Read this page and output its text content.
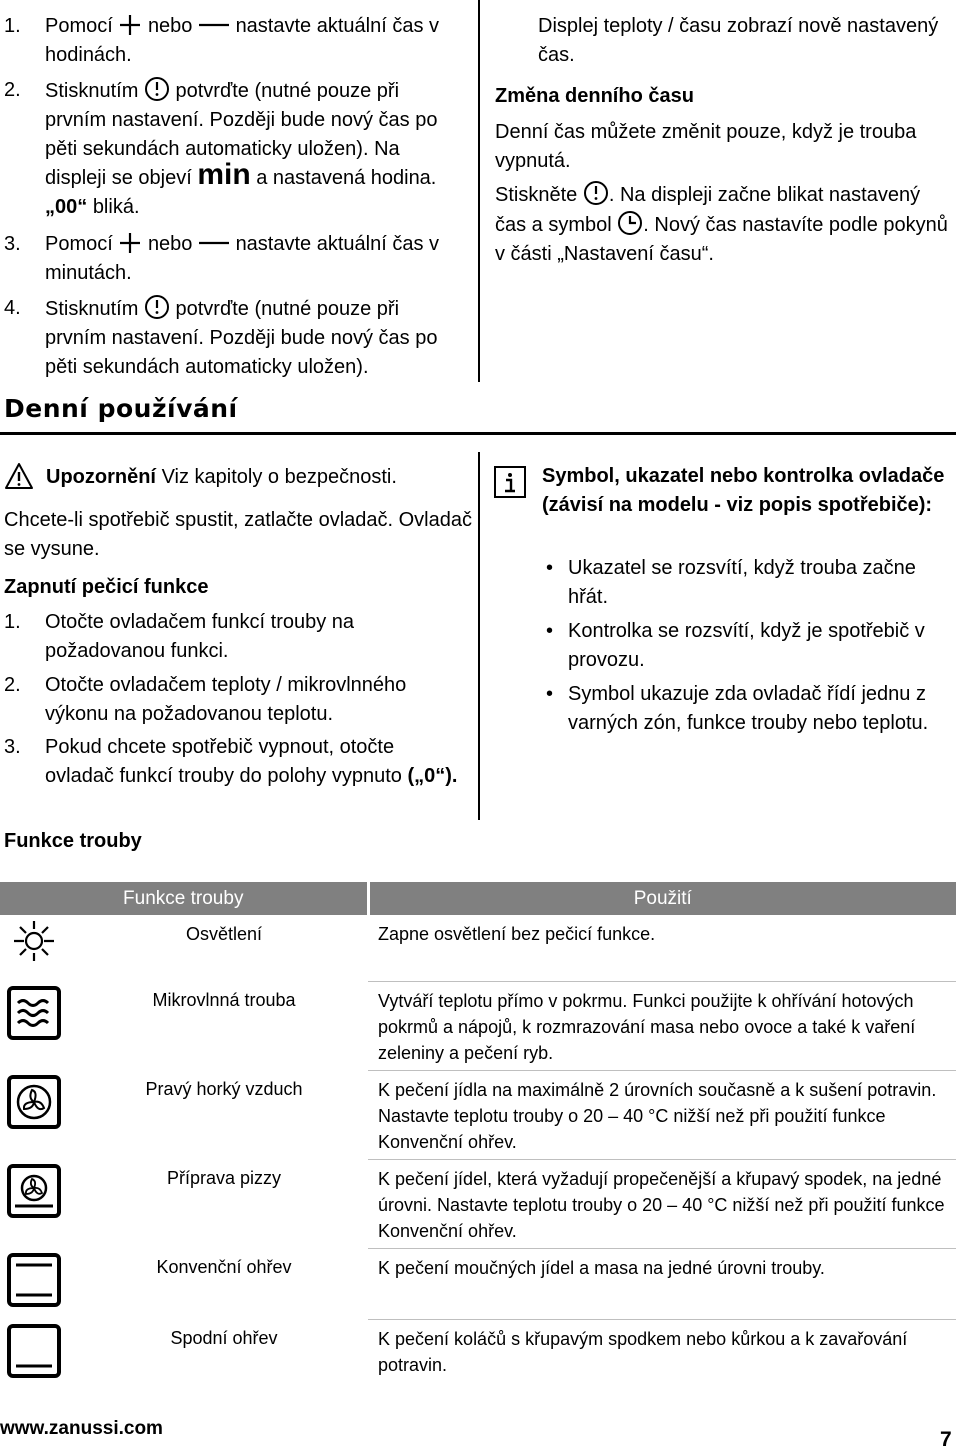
1. Pomocí nebo nastavte aktuální čas v hodinách.
2. Stisknutím potvrďte (nutné pouze při prvním nastavení. Později bude nový čas po pěti sekundách automaticky uložen). Na displeji se objeví min a nastavená hodina. „00“ bliká.
3. Pomocí nebo nastavte aktuální čas v minutách.
4. Stisknutím potvrďte (nutné pouze při prvním nastavení. Později bude nový čas po pěti sekundách automaticky uložen).
Displej teploty / času zobrazí nově nastavený čas.
Změna denního času
Denní čas můžete změnit pouze, když je trouba vypnutá.
Stiskněte . Na displeji začne blikat nastavený čas a symbol . Nový čas nastavíte podle pokynů v části „Nastavení času“.
Denní používání
Upozornění Viz kapitoly o bezpečnosti.
Chcete-li spotřebič spustit, zatlačte ovladač. Ovladač se vysune.
Zapnutí pečicí funkce
1. Otočte ovladačem funkcí trouby na požadovanou funkci.
2. Otočte ovladačem teploty / mikrovlnného výkonu na požadovanou teplotu.
3. Pokud chcete spotřebič vypnout, otočte ovladač funkcí trouby do polohy vypnuto („0“).
Funkce trouby
Symbol, ukazatel nebo kontrolka ovladače (závisí na modelu - viz popis spotřebiče):
• Ukazatel se rozsvítí, když trouba začne hřát.
• Kontrolka se rozsvítí, když je spotřebič v provozu.
• Symbol ukazuje zda ovladač řídí jednu z varných zón, funkce trouby nebo teplotu.
Funkce trouby		Použití

	Osvětlení	Zapne osvětlení bez pečicí funkce.

	Mikrovlnná trouba	Vytváří teplotu přímo v pokrmu. Funkci použijte k ohřívání hotových pokrmů a nápojů, k rozmrazování masa nebo ovoce a také k vaření zeleniny a pečení ryb.

	Pravý horký vzduch	K pečení jídla na maximálně 2 úrovních současně a k sušení potravin. Nastavte teplotu trouby o 20 – 40 °C nižší než při použití funkce Konvenční ohřev.

	Příprava pizzy	K pečení jídel, která vyžadují propečenější a křupavý spodek, na jedné úrovni. Nastavte teplotu trouby o 20 – 40 °C nižší než při použití funkce Konvenční ohřev.

	Konvenční ohřev	K pečení moučných jídel a masa na jedné úrovni trouby.

	Spodní ohřev	K pečení koláčů s křupavým spodkem nebo kůrkou a k zavařování potravin.
www.zanussi.com	7
